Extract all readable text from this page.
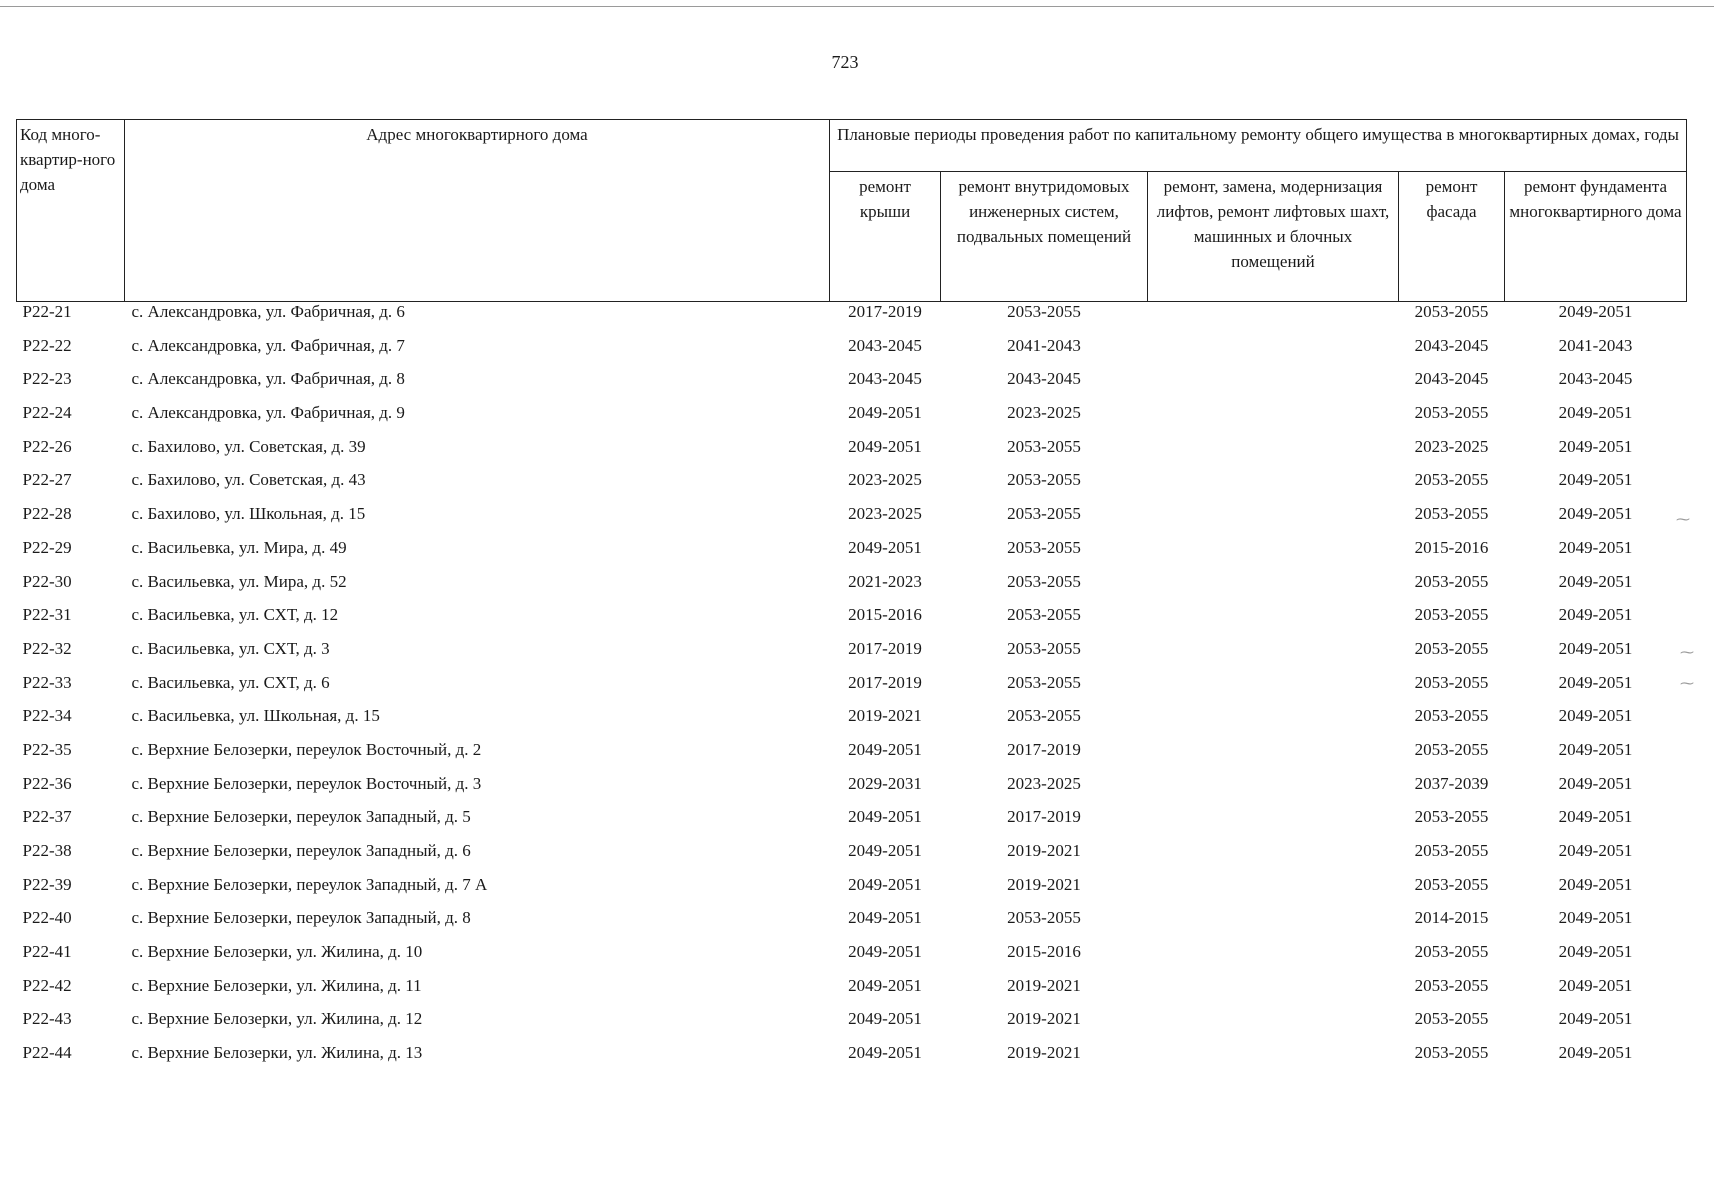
723
Код много-квартир-ного дома	Адрес многоквартирного дома	Плановые периоды проведения работ по капитальному ремонту общего имущества в многоквартирных домах, годы				
		ремонт крыши	ремонт внутридомовых инженерных систем, подвальных помещений	ремонт, замена, модернизация лифтов, ремонт лифтовых шахт, машинных и блочных помещений	ремонт фасада	ремонт фундамента многоквартирного дома
P22-21	с. Александровка, ул. Фабричная, д. 6	2017-2019	2053-2055		2053-2055	2049-2051
P22-22	с. Александровка, ул. Фабричная, д. 7	2043-2045	2041-2043		2043-2045	2041-2043
P22-23	с. Александровка, ул. Фабричная, д. 8	2043-2045	2043-2045		2043-2045	2043-2045
P22-24	с. Александровка, ул. Фабричная, д. 9	2049-2051	2023-2025		2053-2055	2049-2051
P22-26	с. Бахилово, ул. Советская, д. 39	2049-2051	2053-2055		2023-2025	2049-2051
P22-27	с. Бахилово, ул. Советская, д. 43	2023-2025	2053-2055		2053-2055	2049-2051
P22-28	с. Бахилово, ул. Школьная, д. 15	2023-2025	2053-2055		2053-2055	2049-2051
P22-29	с. Васильевка, ул. Мира, д. 49	2049-2051	2053-2055		2015-2016	2049-2051
P22-30	с. Васильевка, ул. Мира, д. 52	2021-2023	2053-2055		2053-2055	2049-2051
P22-31	с. Васильевка, ул. СХТ, д. 12	2015-2016	2053-2055		2053-2055	2049-2051
P22-32	с. Васильевка, ул. СХТ, д. 3	2017-2019	2053-2055		2053-2055	2049-2051
P22-33	с. Васильевка, ул. СХТ, д. 6	2017-2019	2053-2055		2053-2055	2049-2051
P22-34	с. Васильевка, ул. Школьная, д. 15	2019-2021	2053-2055		2053-2055	2049-2051
P22-35	с. Верхние Белозерки, переулок Восточный, д. 2	2049-2051	2017-2019		2053-2055	2049-2051
P22-36	с. Верхние Белозерки, переулок Восточный, д. 3	2029-2031	2023-2025		2037-2039	2049-2051
P22-37	с. Верхние Белозерки, переулок Западный, д. 5	2049-2051	2017-2019		2053-2055	2049-2051
P22-38	с. Верхние Белозерки, переулок Западный, д. 6	2049-2051	2019-2021		2053-2055	2049-2051
P22-39	с. Верхние Белозерки, переулок Западный, д. 7 А	2049-2051	2019-2021		2053-2055	2049-2051
P22-40	с. Верхние Белозерки, переулок Западный, д. 8	2049-2051	2053-2055		2014-2015	2049-2051
P22-41	с. Верхние Белозерки, ул. Жилина, д. 10	2049-2051	2015-2016		2053-2055	2049-2051
P22-42	с. Верхние Белозерки, ул. Жилина, д. 11	2049-2051	2019-2021		2053-2055	2049-2051
P22-43	с. Верхние Белозерки, ул. Жилина, д. 12	2049-2051	2019-2021		2053-2055	2049-2051
P22-44	с. Верхние Белозерки, ул. Жилина, д. 13	2049-2051	2019-2021		2053-2055	2049-2051
⁓
⁓
⁓
